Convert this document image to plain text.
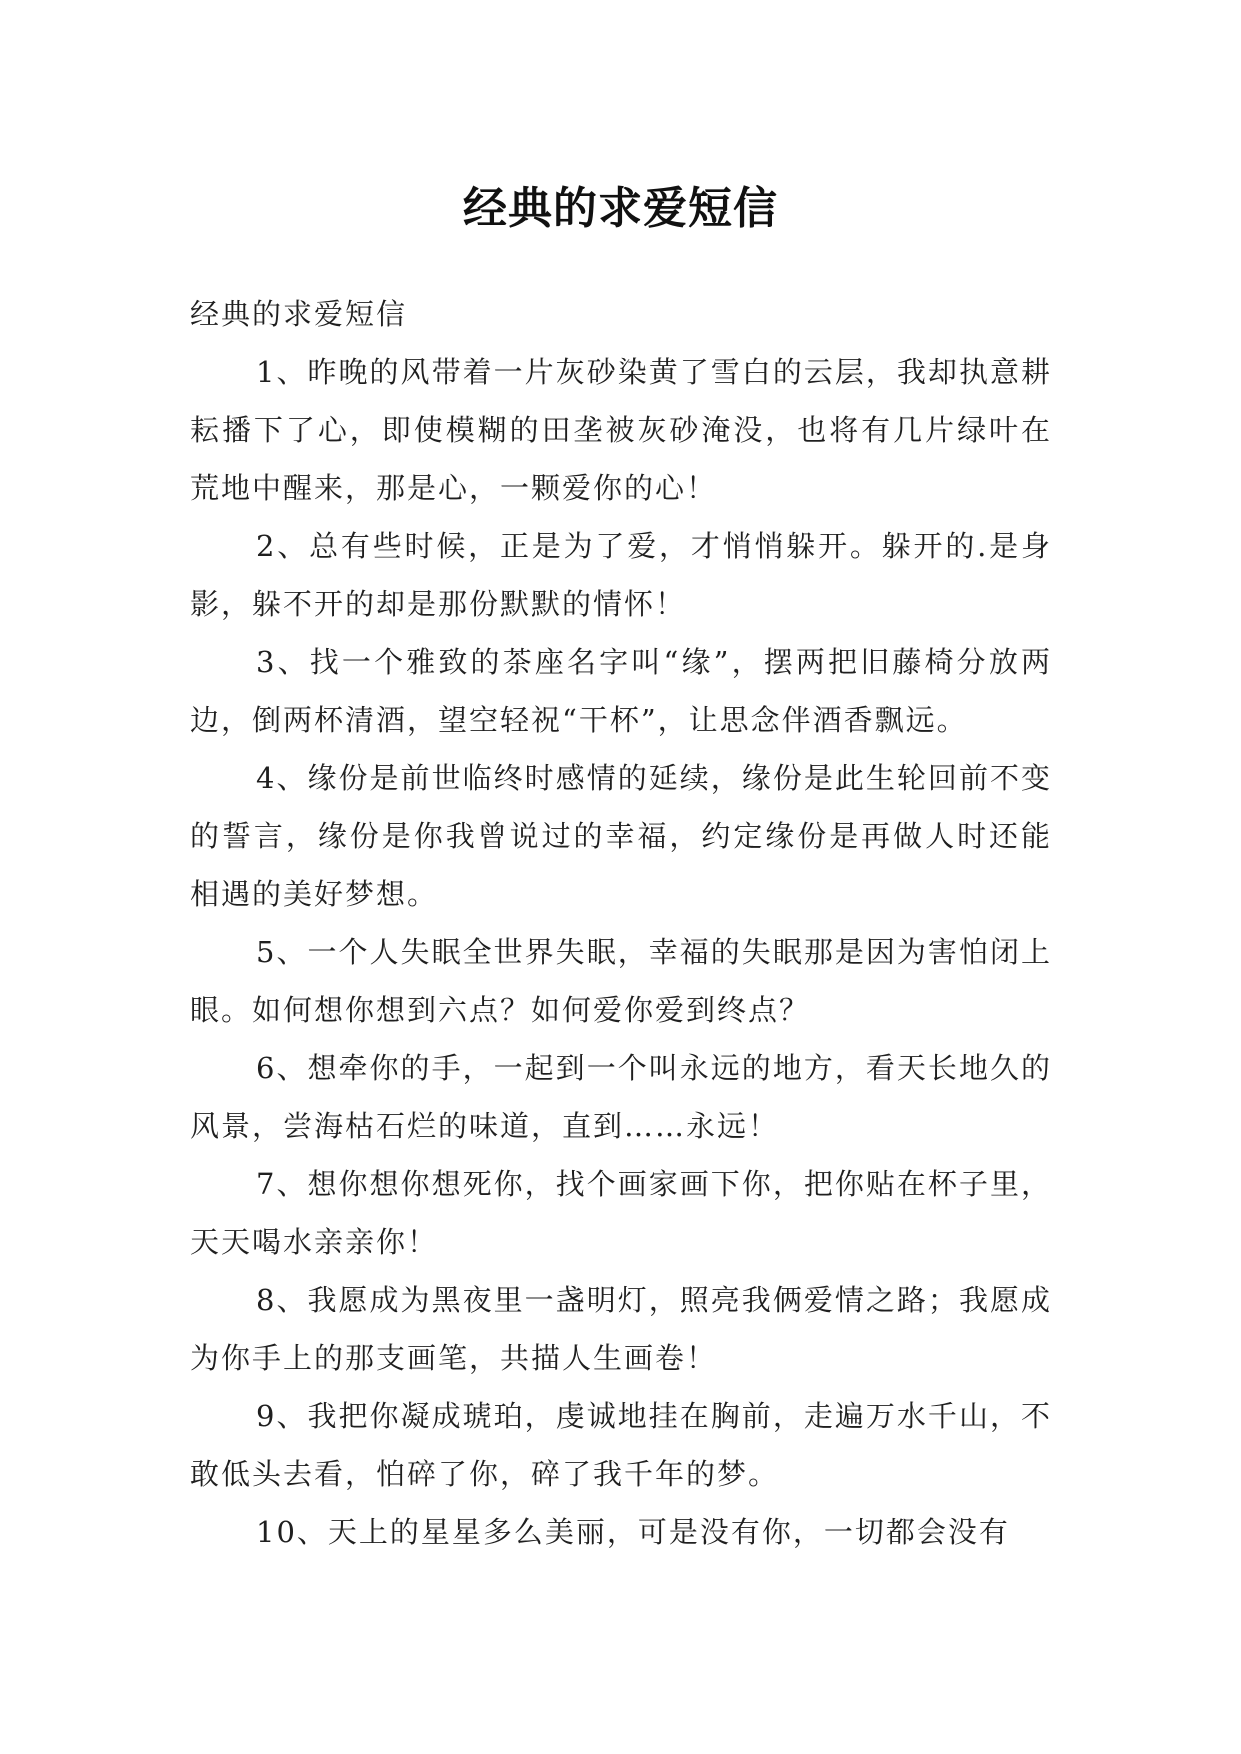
经典的求爱短信

经典的求爱短信

1、昨晚的风带着一片灰砂染黄了雪白的云层，我却执意耕耘播下了心，即使模糊的田垄被灰砂淹没，也将有几片绿叶在荒地中醒来，那是心，一颗爱你的心！

2、总有些时候，正是为了爱，才悄悄躲开。躲开的.是身影，躲不开的却是那份默默的情怀！

3、找一个雅致的茶座名字叫“缘”，摆两把旧藤椅分放两边，倒两杯清酒，望空轻祝“干杯”，让思念伴酒香飘远。

4、缘份是前世临终时感情的延续，缘份是此生轮回前不变的誓言，缘份是你我曾说过的幸福，约定缘份是再做人时还能相遇的美好梦想。

5、一个人失眠全世界失眠，幸福的失眠那是因为害怕闭上眼。如何想你想到六点？如何爱你爱到终点？

6、想牵你的手，一起到一个叫永远的地方，看天长地久的风景，尝海枯石烂的味道，直到……永远！

7、想你想你想死你，找个画家画下你，把你贴在杯子里，天天喝水亲亲你！

8、我愿成为黑夜里一盏明灯，照亮我俩爱情之路；我愿成为你手上的那支画笔，共描人生画卷！

9、我把你凝成琥珀，虔诚地挂在胸前，走遍万水千山，不敢低头去看，怕碎了你，碎了我千年的梦。

10、天上的星星多么美丽，可是没有你，一切都会没有
